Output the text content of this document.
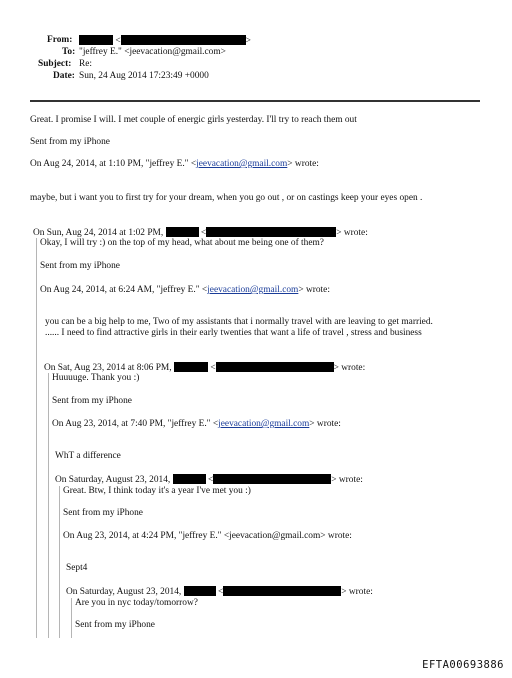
From:	<	>
To: "jeffrey E." <jeevacation@gmail.com>
Subject: Re:
Date: Sun, 24 Aug 2014 17:23:49 +0000
Great. I promise I will. I met couple of energic girls yesterday. I'll try to reach them out
Sent from my iPhone
On Aug 24, 2014, at 1:10 PM, "jeffrey E." <jeevacation@gmail.com> wrote:
maybe, but i want you to first try for your dream, when you go out , or on castings keep your eyes open .
On Sun, Aug 24, 2014 at 1:02 PM,	<	> wrote:
Okay, I will try :) on the top of my head, what about me being one of them?
Sent from my iPhone
On Aug 24, 2014, at 6:24 AM, "jeffrey E." <jeevacation@gmail.com> wrote:
you can be a big help to me, Two of my assistants that i normally travel with are leaving to get married.
...... I need to find attractive girls in their early twenties that want a life of travel , stress and business
On Sat, Aug 23, 2014 at 8:06 PM,	<	> wrote:
Huuuuge. Thank you :)
Sent from my iPhone
On Aug 23, 2014, at 7:40 PM, "jeffrey E." <jeevacation@gmail.com> wrote:
WhT a difference
On Saturday, August 23, 2014,	<	> wrote:
Great. Btw, I think today it's a year I've met you :)
Sent from my iPhone
On Aug 23, 2014, at 4:24 PM, "jeffrey E." <jeevacation@gmail.com> wrote:
Sept4
On Saturday, August 23, 2014,	<	> wrote:
Are you in nyc today/tomorrow?
Sent from my iPhone
EFTA00693886
